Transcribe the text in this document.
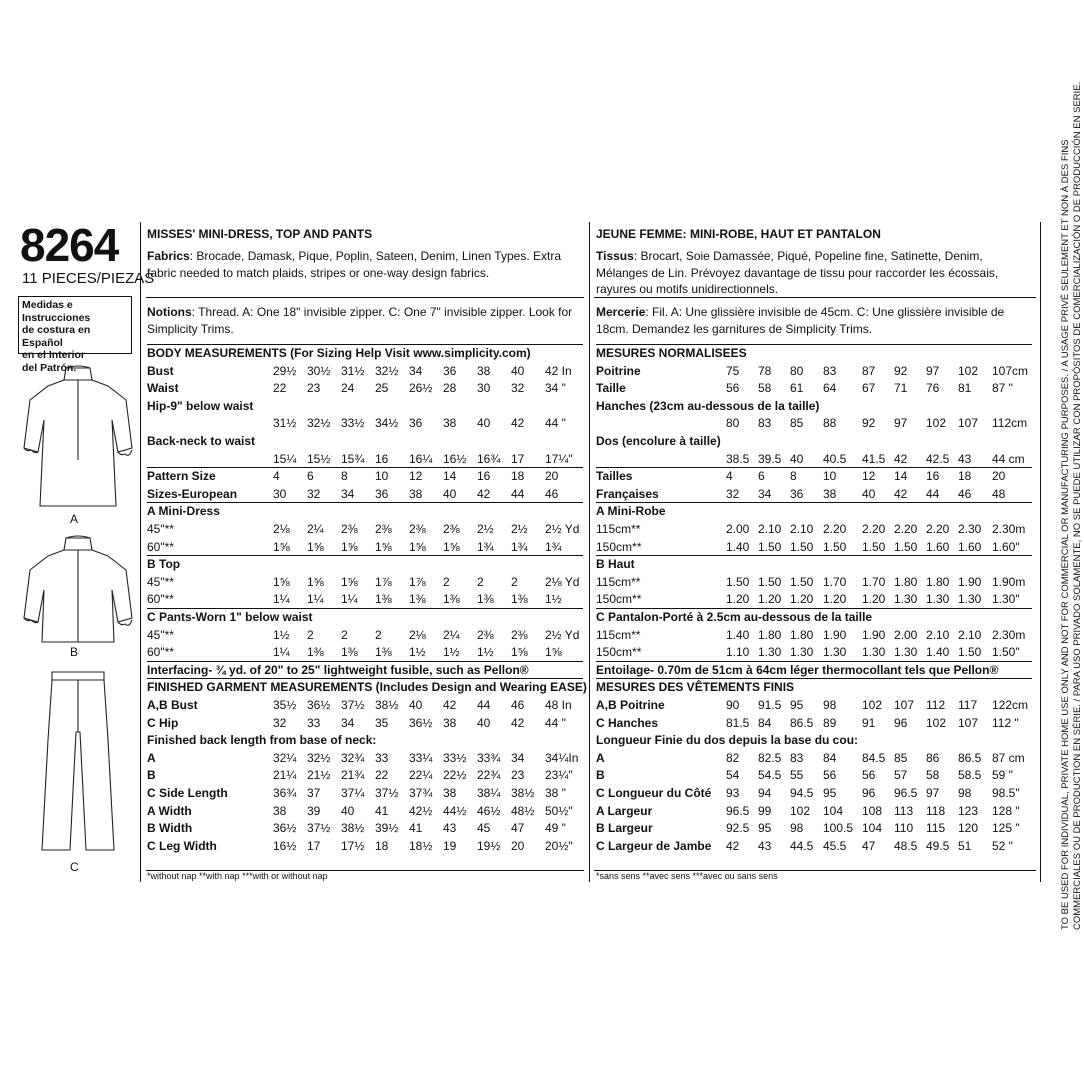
8264
11 PIECES/PIEZAS
Medidas e Instrucciones
de costura en Español
en el Interior
del Patrón.
A
B
C
MISSES' MINI-DRESS, TOP AND PANTS
Fabrics: Brocade, Damask, Pique, Poplin, Sateen, Denim, Linen Types. Extra fabric needed to match plaids, stripes or one-way design fabrics.
Notions: Thread. A: One 18" invisible zipper. C: One 7" invisible zipper. Look for Simplicity Trims.
JEUNE FEMME: MINI-ROBE, HAUT ET PANTALON
Tissus: Brocart, Soie Damassée, Piqué, Popeline fine, Satinette, Denim, Mélanges de Lin. Prévoyez davantage de tissu pour raccorder les écossais, rayures ou motifs unidirectionnels.
Mercerie: Fil. A: Une glissière invisible de 45cm. C: Une glissière invisible de 18cm. Demandez les garnitures de Simplicity Trims.
BODY MEASUREMENTS (For Sizing Help Visit www.simplicity.com)
Bust	29½ 30½ 31½ 32½ 34 36 38 40 42 In
Waist	22 23 24 25 26½ 28 30 32 34 "
Hip-9" below waist
31½ 32½ 33½ 34½ 36 38 40 42 44 "
Back-neck to waist
15¼ 15½ 15¾ 16 16¼ 16½ 16¾ 17 17¼"
Pattern Size	4 6 8 10 12 14 16 18 20
Sizes-European	30 32 34 36 38 40 42 44 46
A Mini-Dress
45"**	2⅛ 2¼ 2⅜ 2⅜ 2⅜ 2⅜ 2½ 2½ 2½ Yd
60"**	1⅝ 1⅝ 1⅝ 1⅝ 1⅝ 1⅝ 1¾ 1¾ 1¾
B Top
45"**	1⅝ 1⅝ 1⅝ 1⅞ 1⅞ 2 2 2 2⅛ Yd
60"**	1¼ 1¼ 1¼ 1⅜ 1⅜ 1⅜ 1⅜ 1⅜ 1½
C Pants-Worn 1" below waist
45"**	1½ 2 2 2 2⅛ 2¼ 2⅜ 2⅜ 2½ Yd
60"**	1¼ 1⅜ 1⅜ 1⅜ 1½ 1½ 1½ 1⅝ 1⅝
Interfacing- ¾ yd. of 20" to 25" lightweight fusible, such as Pellon®
FINISHED GARMENT MEASUREMENTS (Includes Design and Wearing EASE)
A,B Bust	35½ 36½ 37½ 38½ 40 42 44 46 48 In
C Hip	32 33 34 35 36½ 38 40 42 44 "
Finished back length from base of neck:
A	32¼ 32½ 32¾ 33 33¼ 33½ 33¾ 34 34¼In
B	21¼ 21½ 21¾ 22 22¼ 22½ 22¾ 23 23¼"
C Side Length	36¾ 37 37¼ 37½ 37¾ 38 38¼ 38½ 38 "
A Width	38 39 40 41 42½ 44½ 46½ 48½ 50½"
B Width	36½ 37½ 38½ 39½ 41 43 45 47 49 "
C Leg Width	16½ 17 17½ 18 18½ 19 19½ 20 20½"
MESURES NORMALISEES
Poitrine	75 78 80 83 87 92 97 102 107cm
Taille	56 58 61 64 67 71 76 81 87 "
Hanches (23cm au-dessous de la taille)
80 83 85 88 92 97 102 107 112cm
Dos (encolure à taille)
38.5 39.5 40 40.5 41.5 42 42.5 43 44 cm
Tailles	4 6 8 10 12 14 16 18 20
Françaises	32 34 36 38 40 42 44 46 48
A Mini-Robe
115cm**	2.00 2.10 2.10 2.20 2.20 2.20 2.20 2.30 2.30m
150cm**	1.40 1.50 1.50 1.50 1.50 1.50 1.60 1.60 1.60"
B Haut
115cm**	1.50 1.50 1.50 1.70 1.70 1.80 1.80 1.90 1.90m
150cm**	1.20 1.20 1.20 1.20 1.20 1.30 1.30 1.30 1.30"
C Pantalon-Porté à 2.5cm au-dessous de la taille
115cm**	1.40 1.80 1.80 1.90 1.90 2.00 2.10 2.10 2.30m
150cm**	1.10 1.30 1.30 1.30 1.30 1.30 1.40 1.50 1.50"
Entoilage- 0.70m de 51cm à 64cm léger thermocollant tels que Pellon®
MESURES DES VÊTEMENTS FINIS
A,B Poitrine	90 91.5 95 98 102 107 112 117 122cm
C Hanches	81.5 84 86.5 89 91 96 102 107 112 "
Longueur Finie du dos depuis la base du cou:
A	82 82.5 83 84 84.5 85 86 86.5 87 cm
B	54 54.5 55 56 56 57 58 58.5 59 "
C Longueur du Côté 93 94 94.5 95 96 96.5 97 98 98.5"
A Largeur	96.5 99 102 104 108 113 118 123 128 "
B Largeur	92.5 95 98 100.5 104 110 115 120 125 "
C Largeur de Jambe 42 43 44.5 45.5 47 48.5 49.5 51 52 "
*without nap **with nap ***with or without nap	*sans sens **avec sens ***avec ou sans sens	TO BE USED FOR INDIVIDUAL, PRIVATE HOME USE ONLY AND NOT FOR COMMERCIAL OR MANUFACTURING PURPOSES. / A USAGE PRIVÉ SEULEMENT ET NON À DES FINS COMMERCIALES OU DE PRODUCTION EN SÉRIE. / PARA USO PRIVADO SOLAMENTE, NO SE PUEDE UTILIZAR CON PROPÓSITOS DE COMERCIALIZACIÓN O DE PRODUCCIÓN EN SERIE.
